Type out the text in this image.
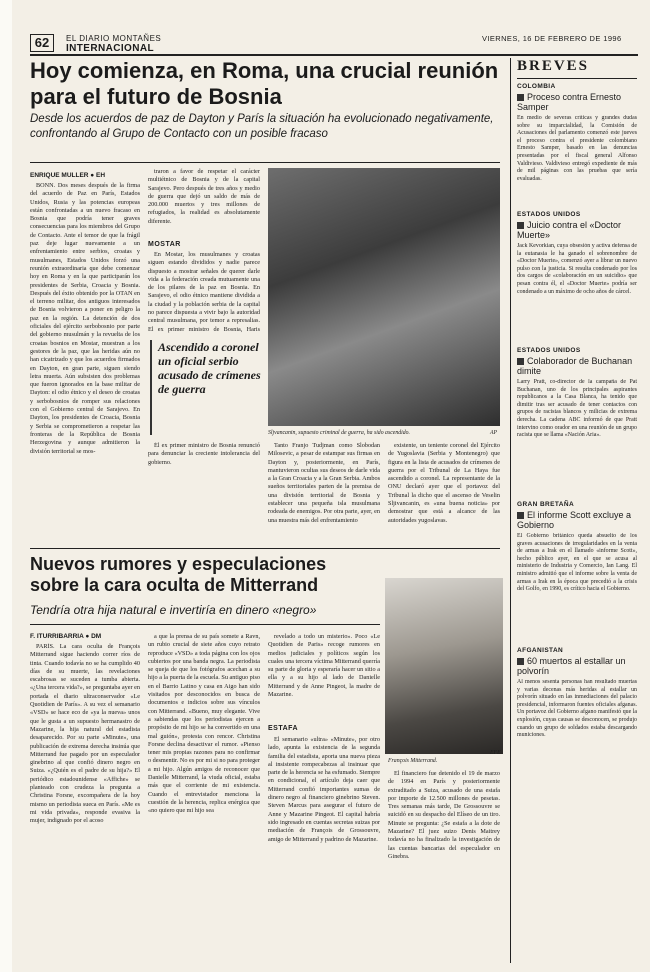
62	EL DIARIO MONTAÑES
INTERNACIONAL
VIERNES, 16 DE FEBRERO DE 1996
Hoy comienza, en Roma, una crucial reunión para el futuro de Bosnia
Desde los acuerdos de paz de Dayton y París la situación ha evolucionado negativamente, confrontando al Grupo de Contacto con un posible fracaso
ENRIQUE MULLER ● EH

BONN. Dos meses después de la firma del acuerdo de Paz en París, Estados Unidos, Rusia y las potencias europeas están confrontadas a un nuevo fracaso en Bosnia que podría tener graves consecuencias para los miembros del Grupo de Contacto. Ante el temor de que la frágil paz deje lugar nuevamente a un enfrentamiento entre serbios, croatas y musulmanes, Estados Unidos forzó una reunión extraordinaria que debe comenzar hoy en Roma y en la que participarán los presidentes de Serbia, Croacia y Bosnia. Después del éxito obtenido por la OTAN en el terreno militar, dos antiguos interesados de Bosnia volvieron a poner en peligro la paz en la región. La detención de dos oficiales del ejército serbobosnio por parte del gobierno musulmán y la revuelta de los croatas bosnios en Mostar, muestran a los gestores de la paz, que las heridas aún no han cicatrizado y que los acuerdos firmados en Dayton, en gran parte, siguen siendo letra muerta. Aún subsisten dos problemas que fueron ignorados en la base militar de Dayton: el odio étnico y el deseo de croatas y serbobosnios de romper sus relaciones con el Gobierno central de Sarajevo. En Dayton, los presidentes de Croacia, Bosnia y Serbia se comprometieron a respetar las fronteras de la República de Bosnia Herzegovina y aunque admitieron la división territorial se mos-

traron a favor de respetar el carácter multiétnico de Bosnia y de la capital Sarajevo. Pero después de tres años y medio de guerra que dejó un saldo de más de 200.000 muertos y tres millones de refugiados, la realidad es absolutamente diferente.

MOSTAR

En Mostar, los musulmanes y croatas siguen estando divididos y nadie parece dispuesto a mostrar señales de querer darle vida a la federación creada mutuamente una de los pilares de la paz en Bosnia. En Sarajevo, el odio étnico mantiene dividida a la ciudad y la población serbia de la capital no parece dispuesta a vivir bajo la autoridad central musulmana, por temor a represalias. El ex primer ministro de Bosnia, Haris

Ascendido a coronel un oficial serbio acusado de crímenes de guerra

Él ex primer ministro de Bosnia renunció para denunciar la creciente intolerancia del gobierno.

Sljvancanin, supuesto criminal de guerra, ha sido ascendido.	AP

Tanto Franjo Tudjman como Slobodan Milosevic, a pesar de estampar sus firmas en Dayton y, posteriormente, en París, mantuvieron ocultas sus deseos de darle vida a la Gran Croacia y a la Gran Serbia. Ambos sueños territoriales parten de la premisa de una división territorial de Bosnia y establecer una pequeña isla musulmana rodeada de enemigos. Por otra parte, ayer, en una muestra más del enfrentamiento

existente, un teniente coronel del Ejército de Yugoslavia (Serbia y Montenegro) que figura en la lista de acusados de crímenes de guerra por el Tribunal de La Haya fue ascendido a coronel. La representante de la ONU declaró ayer que el portavoz del Tribunal la dicho que el ascenso de Veselin Sljivancanin, es «una buena noticia» por demostrar que está a alcance de las autoridades yugoslavas.

Nuevos rumores y especulaciones sobre la cara oculta de Mitterrand
Tendría otra hija natural e invertiría en dinero «negro»
F. ITURRIBARRIA ● DM

PARÍS. La cara oculta de François Mitterrand sigue haciendo correr ríos de tinta. Cuando todavía no se ha cumplido 40 días de su muerte, las revelaciones escabrosas se suceden a tumba abierta. «¿Una tercera vida?», se preguntaba ayer en portada el diario ultraconservador «Le Quotidien de París». A su vez el semanario «VSD» se hace eco de «ya la nueva» unos que le gusta a un supuesto hermanastro de Mazarine, la hija natural del estadista desaparecido. Por su parte «Minute», una publicación de extrema derecha insinúa que Mitterrand fue pagado por un especulador ginebrino al que confió dinero negro en Suiza. «¿Quién es el padre de su hija?» El periódico estadounidense «Affiche» se planteado con crudeza la pregunta a Christina Forsne, excompañera de la hoy mismo un periodista sueca en París. «Me es mi vida privada», responde evasiva la mujer, indignado por el acoso

a que la prensa de su país somete a Ravn, un rubio crucial de siete años cuyo retrato reproduce «VSD» a toda página con los ojos cubiertos por una banda negra. La periodista se queja de que los fotógrafos acechan a su hijo a la puerta de la escuela. Su antiguo piso en el Barrio Latino y casa en Aigo han sido visitados por desconocidos en busca de documentos e indicios sobre sus vínculos con Mitterrand. «Bueno, muy elegante. Vive a sabiendas que los periodistas ejercen a propósito de mi hijo se ha convertido en una mal guión», protesta con rencor. Christina Forsne declina desactivar el rumor. «Pienso tener mis propias razones para no confirmar o desmentir. No es por mi si no para proteger a mi hijo. Algún amigos de reconocer que Danielle Mitterrand, la viuda oficial, estaba más que el corriente de mi existencia. Cuando el entrevistador menciona la cuestión de la herencia, replica enérgica que «no quiero que mi hijo sea

revelado a todo un misterio». Poco «Le Quotidien de Paris» recoge rumores en medios judiciales y políticos según los cuales una tercera víctima Mitterrand querría su parte de gloria y esperaría hacer un sitio a ella y a su hijo al lado de Danielle Mitterrand y de Anne Pingeot, la madre de Mazarine.

ESTAFA

El semanario «ultra» «Minute», por otro lado, apunta la existencia de la segunda familia del estadista, aporta una nueva pieza al insistente rompecabezas al insinuar que parte de la herencia se ha esfumado. Siempre en condicional, el artículo deja caer que Mitterrand confió importantes sumas de dinero negro al financiero ginebrino Steven. Steven Marcus para asegurar el futuro de Anne y Mazarine Pingeot. El capital habría sido ingresado en cuentas secretas suizas por mediación de François de Grossouvre, amigo de Mitterrand y padrino de Mazarine.

François Mitterrand.
EFE

El financiero fue detenido el 19 de marzo de 1994 en París y posteriormente extraditado a Suiza, acusado de una estafa por importe de 12.500 millones de pesetas. Tres semanas más tarde, De Grossouvre se suicidó en su despacho del Elíseo de un tiro. Minute se pregunta: ¿Se estafa a la dote de Mazarine? El juez suizo Denis Maitrey todavía no ha finalizado la investigación de las cuentas bancarias del especulador en Ginebra.

BREVES
COLOMBIA
Proceso contra Ernesto Samper
En medio de severas críticas y grandes dudas sobre su imparcialidad, la Comisión de Acusaciones del parlamento comenzó este jueves el proceso contra el presidente colombiano Ernesto Samper, basado en las denuncias presentadas por el fiscal general Alfonso Valdivieso. Valdivieso entregó expediente de más de mil páginas con las pruebas que sería evaluadas.
ESTADOS UNIDOS
Juicio contra el «Doctor Muerte»
Jack Kevorkian, cuya obsesión y activa defensa de la eutanasia le ha ganado el sobrenombre de «Doctor Muerte», comenzó ayer a librar un nuevo pulso con la justicia. Si resulta condenado por los dos cargos de «colaboración en un suicidio» que pesan contra él, el «Doctor Muerte» podría ser condenado a un máximo de ocho años de cárcel.
ESTADOS UNIDOS
Colaborador de Buchanan dimite
Larry Pratt, co-director de la campaña de Pat Buchanan, uno de los principales aspirantes republicanos a la Casa Blanca, ha tenido que dimitir tras ser acusado de tener contactos con grupos de racistas blancos y milicias de extrema derecha. La cadena ABC informó de que Pratt intervino como orador en una reunión de un grupo racista que se llama «Nación Aria».
GRAN BRETAÑA
El informe Scott excluye a Gobierno
El Gobierno británico queda absuelto de los graves acusaciones de irregularidades en la venta de armas a Irak en el llamado «informe Scott», hecho público ayer, en el que se acusa al ministerio de Industria y Comercio, Ian Lang. El ministro admitió que el informe sobre la venta de armas a Irak en la época que precedió a la crisis del Golfo, en 1990, es crítico hacia el Gobierno.
AFGANISTAN
60 muertos al estallar un polvorín
Al menos sesenta personas han resultado muertas y varias decenas más heridas al estallar un polvorín situado en las inmediaciones del palacio presidencial, informaron fuentes oficiales afganas. Un portavoz del Gobierno afgano manifestó que la explosión, cuyas causas se desconocen, se produjo cuando un grupo de soldados estaba descargando municiones.
